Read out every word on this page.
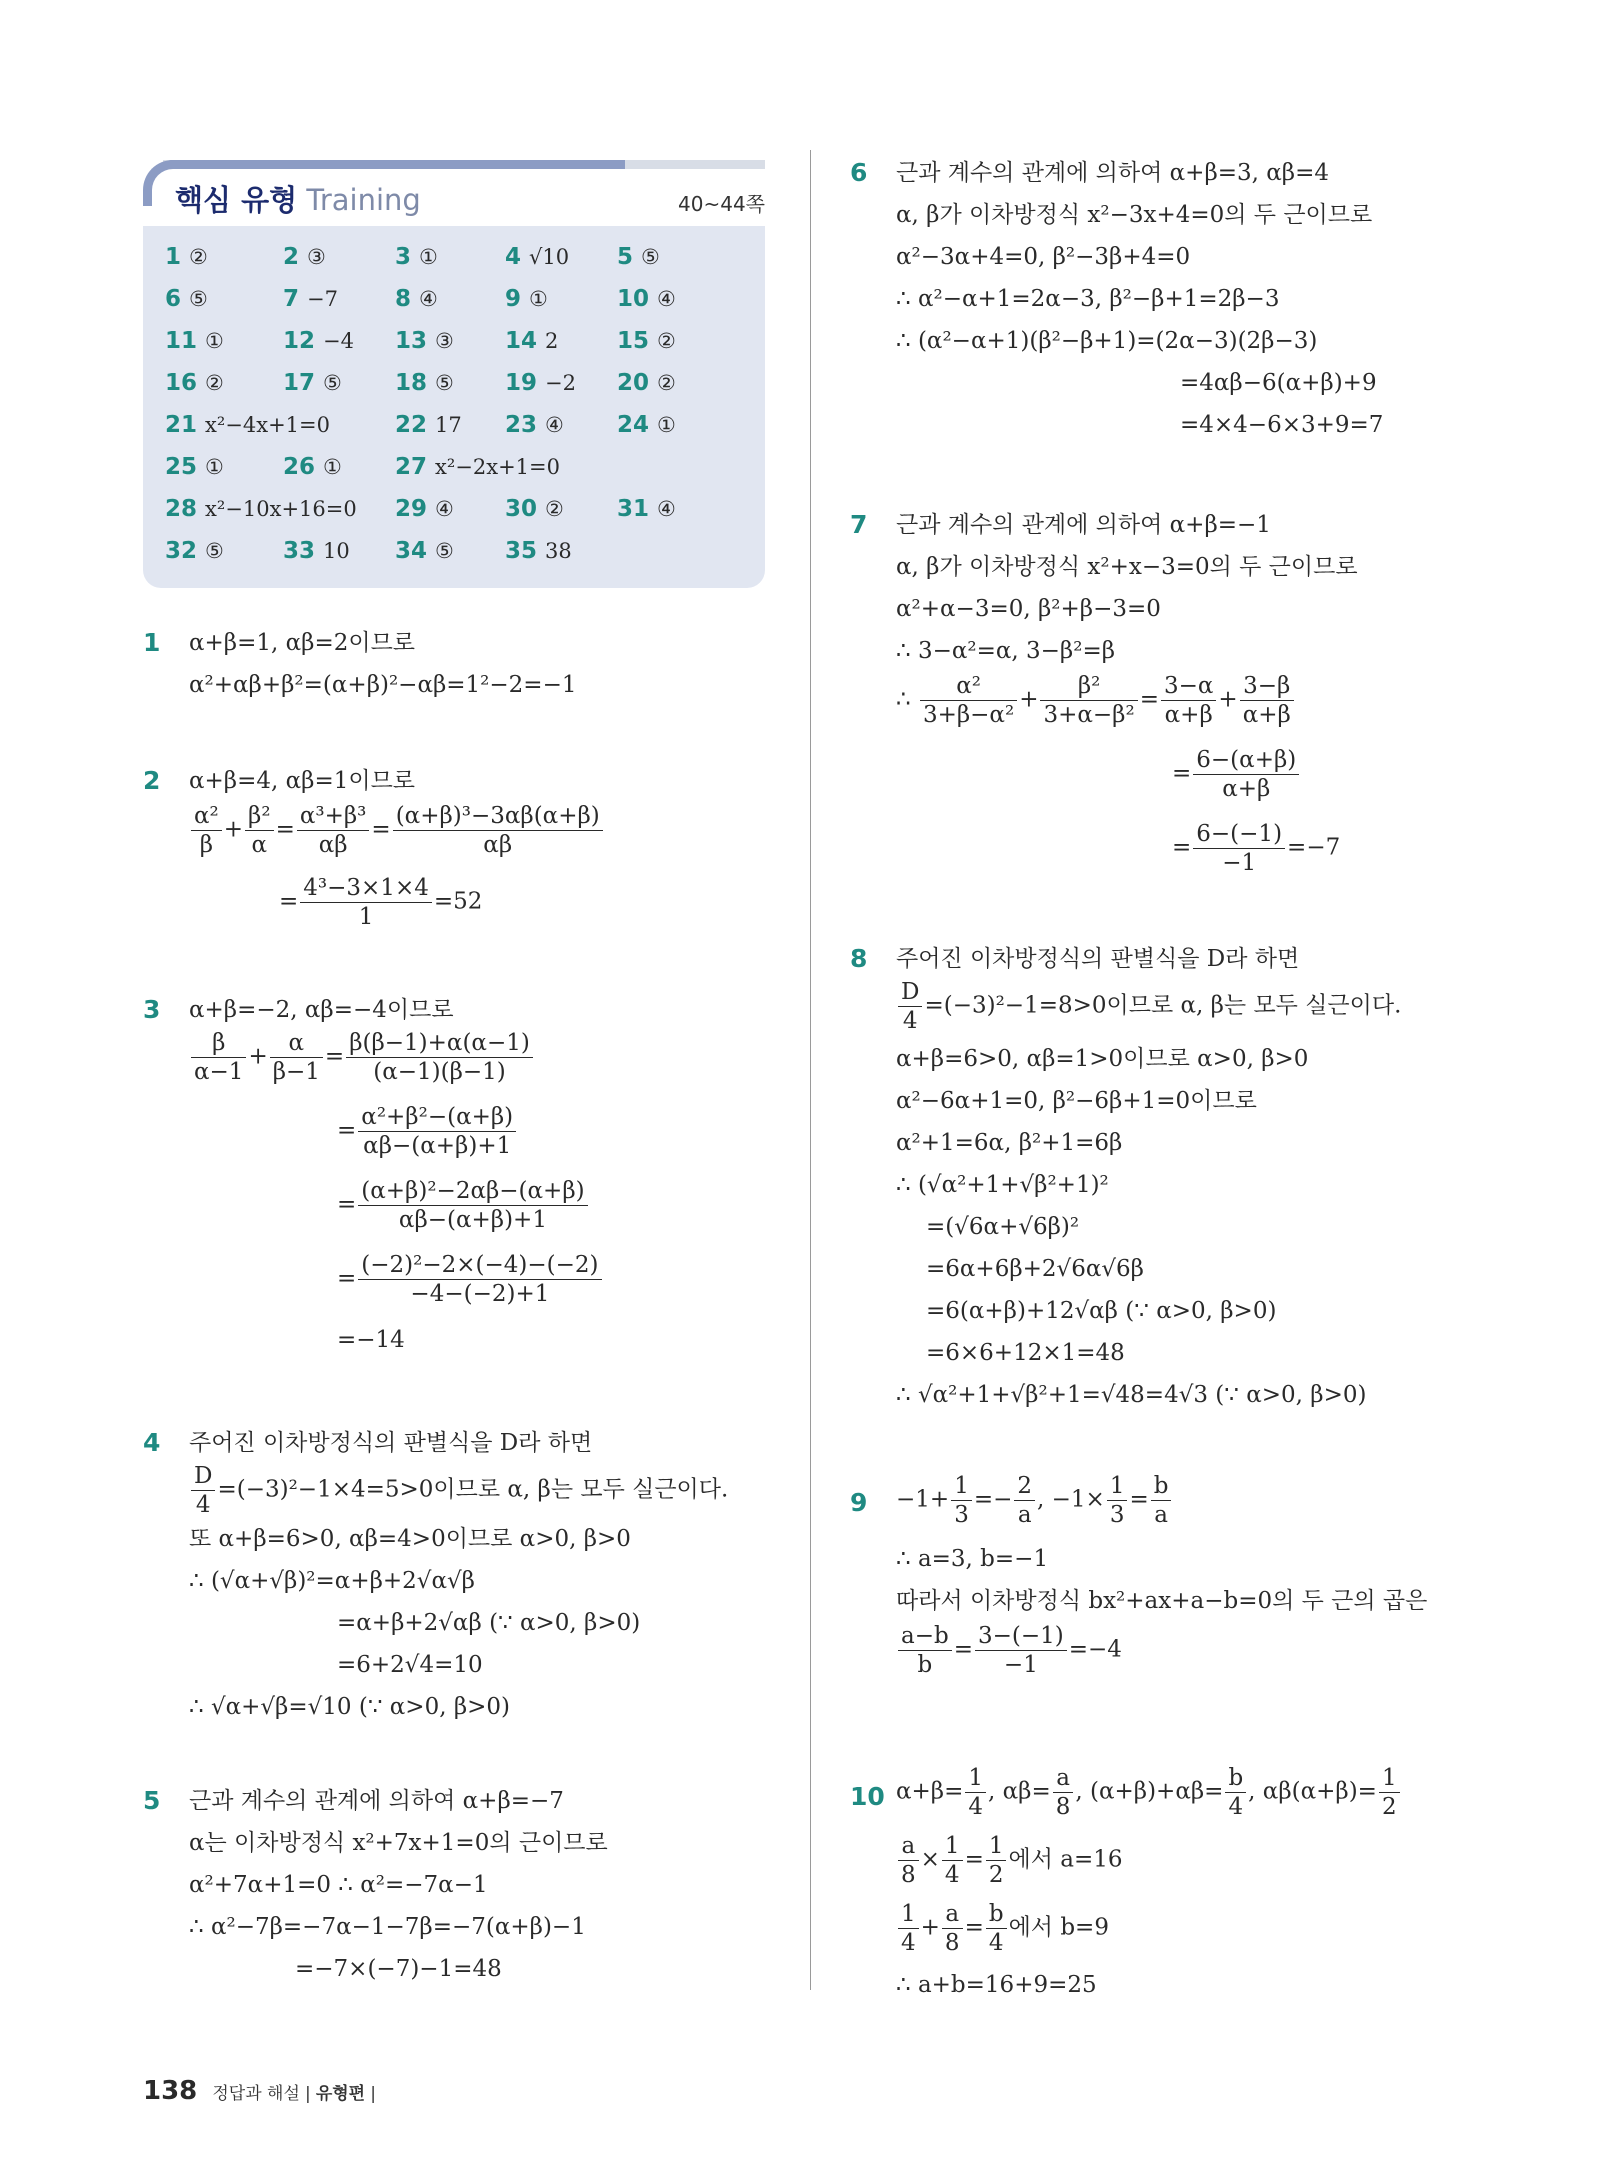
핵심 유형 Training	40~44쪽
1 ②	2 ③	3 ①	4 √10 5 ⑤
6 ⑤	7 −7 8 ④	9 ①	10 ④
11 ①	12 −4 13 ③ 14 2	15 ②
16 ②	17 ⑤ 18 ⑤ 19 −2 20 ②
21 x²−4x+1=0	22 17 23 ④ 24 ①
25 ①	26 ① 27 x²−2x+1=0
28 x²−10x+16=0 29 ④ 30 ② 31 ④
32 ⑤	33 10 34 ⑤ 35 38
1 α+β=1, αβ=2이므로
α²+αβ+β²=(α+β)²−αβ=1²−2=−1
2 α+β=4, αβ=1이므로
$\frac{\text{α²}}{\beta} + \frac{\text{β²}}{\alpha} = \frac{\text{α³+β³}}{\alpha\beta} = \frac{\text{(α+β)³−3αβ(α+β)}}{\alpha\beta}$
= $\frac{\text{4³−3×1×4}}{1} =52$
3 α+β=−2, αβ=−4이므로
$\frac{\beta}{\alpha-1} + \frac{\alpha}{\beta-1} = \frac{\beta(\beta-1)+\alpha(\alpha-1)}{(\alpha-1)(\beta-1)}$
= $\frac{\text{α²+β²−(α+β)}}{\alpha\beta-(\alpha+\beta)+1}$
= $\frac{\text{(α+β)²−2αβ−(α+β)}}{\alpha\beta-(\alpha+\beta)+1}$
= $\frac{\text{(−2)²−2×(−4)−(−2)}}{-4-(-2)+1}$
=−14
4 주어진 이차방정식의 판별식을 D라 하면
$\frac{D}{4} =(-3)^2-1\times 4=5>0$이므로 α, β는 모두 실근이다.
또 α+β=6>0, αβ=4>0이므로 α>0, β>0
∴ (√α+√β)²=α+β+2√α√β
=α+β+2√αβ (∵ α>0, β>0)
=6+2√4=10
∴ √α+√β=√10 (∵ α>0, β>0)
5 근과 계수의 관계에 의하여 α+β=−7
α는 이차방정식 x²+7x+1=0의 근이므로
α²+7α+1=0 ∴ α²=−7α−1
∴ α²−7β=−7α−1−7β=−7(α+β)−1
=−7×(−7)−1=48
6 근과 계수의 관계에 의하여 α+β=3, αβ=4
α, β가 이차방정식 x²−3x+4=0의 두 근이므로
α²−3α+4=0, β²−3β+4=0
∴ α²−α+1=2α−3, β²−β+1=2β−3
∴ (α²−α+1)(β²−β+1)=(2α−3)(2β−3)
=4αβ−6(α+β)+9
=4×4−6×3+9=7
7 근과 계수의 관계에 의하여 α+β=−1
α, β가 이차방정식 x²+x−3=0의 두 근이므로
α²+α−3=0, β²+β−3=0
∴ 3−α²=α, 3−β²=β
∴ $\frac{\text{α²}}{\text{3+β−α²}} + \frac{\text{β²}}{\text{3+α−β²}} = \frac{3-\alpha}{\alpha+\beta} + \frac{3-\beta}{\alpha+\beta}$
= $\frac{6-(\alpha+\beta)}{\alpha+\beta}$
= $\frac{6-(-1)}{-1} =-7$
8 주어진 이차방정식의 판별식을 D라 하면
$\frac{D}{4} =(-3)^2-1=8>0$이므로 α, β는 모두 실근이다.
α+β=6>0, αβ=1>0이므로 α>0, β>0
α²−6α+1=0, β²−6β+1=0이므로
α²+1=6α, β²+1=6β
∴ (√α²+1+√β²+1)²
=(√6α+√6β)²
=6α+6β+2√6α√6β
=6(α+β)+12√αβ (∵ α>0, β>0)
=6×6+12×1=48
∴ √α²+1+√β²+1=√48=4√3 (∵ α>0, β>0)
$9 -1+ \frac{1}{3} =- \frac{2}{a}$ , $-1\times \frac{1}{3} = \frac{b}{a}$
∴ a=3, b=−1
따라서 이차방정식 bx²+ax+a−b=0의 두 근의 곱은
$\frac{a-b}{b} = \frac{3-(-1)}{-1} =-4$
10 $\alpha+\beta= \frac{1}{4}$ , $\alpha\beta= \frac{a}{8}$ , $(\alpha+\beta)+\alpha\beta= \frac{b}{4}$ , $\alpha\beta(\alpha+\beta)= \frac{1}{2}$
$\frac{a}{8} \times \frac{1}{4} = \frac{1}{2}$ 에서 a=16
$\frac{1}{4} + \frac{a}{8} = \frac{b}{4}$ 에서 b=9
∴ a+b=16+9=25
138 정답과 해설 | 유형편 |
